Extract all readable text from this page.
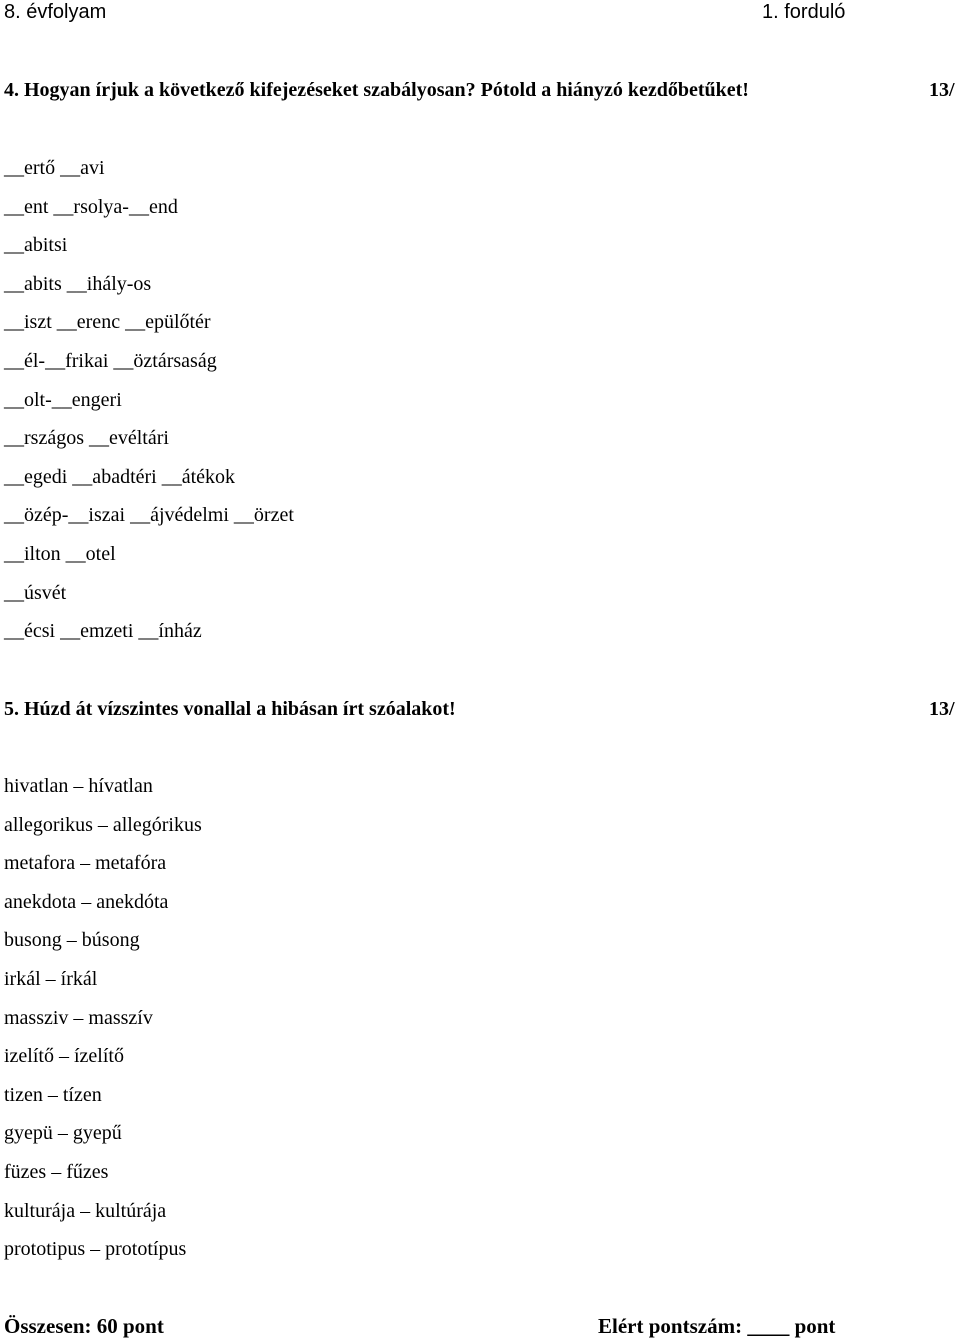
8. évfolyam	1. forduló
4. Hogyan írjuk a következő kifejezéseket szabályosan? Pótold a hiányzó kezdőbetűket!	13/
__ertő __avi
__ent __rsolya-__end
__abitsi
__abits __ihály-os
__iszt __erenc __epülőtér
__él-__frikai __öztársaság
__olt-__engeri
__rszágos __evéltári
__egedi __abadtéri __átékok
__özép-__iszai __ájvédelmi __örzet
__ilton __otel
__úsvét
__écsi __emzeti __ínház
5. Húzd át vízszintes vonallal a hibásan írt szóalakot!	13/
hivatlan – hívatlan
allegorikus – allegórikus
metafora – metafóra
anekdota – anekdóta
busong – búsong
irkál – írkál
massziv – masszív
izelítő – ízelítő
tizen – tízen
gyepü – gyepű
füzes – fűzes
kulturája – kultúrája
prototipus – prototípus
Összesen: 60 pont	Elért pontszám: ____ pont
